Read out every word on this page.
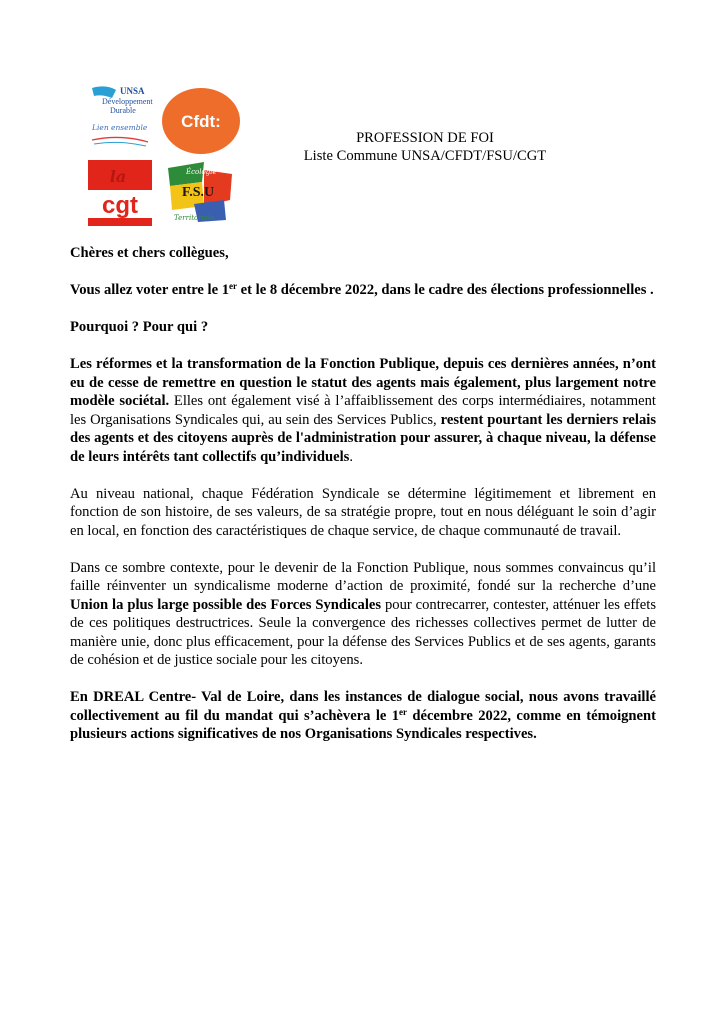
UNSA
Développement
Durable
Lien ensemble Cfdt:
la
cgt
Écologie
F.S.U
Territoriale
PROFESSION DE FOI
Liste Commune UNSA/CFDT/FSU/CGT

Chères et chers collègues,

Vous allez voter entre le 1er et le 8 décembre 2022, dans le cadre des élections professionnelles .

Pourquoi ? Pour qui ?

Les réformes et la transformation de la Fonction Publique, depuis ces dernières années, n’ont eu de cesse de remettre en question le statut des agents mais également, plus largement notre modèle sociétal. Elles ont également visé à l’affaiblissement des corps intermédiaires, notamment les Organisations Syndicales qui, au sein des Services Publics, restent pourtant les derniers relais des agents et des citoyens auprès de l'administration pour assurer, à chaque niveau, la défense de leurs intérêts tant collectifs qu’individuels.

Au niveau national, chaque Fédération Syndicale se détermine légitimement et librement en fonction de son histoire, de ses valeurs, de sa stratégie propre, tout en nous déléguant le soin d’agir en local, en fonction des caractéristiques de chaque service, de chaque communauté de travail.

Dans ce sombre contexte, pour le devenir de la Fonction Publique, nous sommes convaincus qu’il faille réinventer un syndicalisme moderne d’action de proximité, fondé sur la recherche d’une Union la plus large possible des Forces Syndicales pour contrecarrer, contester, atténuer les effets de ces politiques destructrices. Seule la convergence des richesses collectives permet de lutter de manière unie, donc plus efficacement, pour la défense des Services Publics et de ses agents, garants de cohésion et de justice sociale pour les citoyens.

En DREAL Centre- Val de Loire, dans les instances de dialogue social, nous avons travaillé collectivement au fil du mandat qui s’achèvera le 1er décembre 2022, comme en témoignent plusieurs actions significatives de nos Organisations Syndicales respectives.
